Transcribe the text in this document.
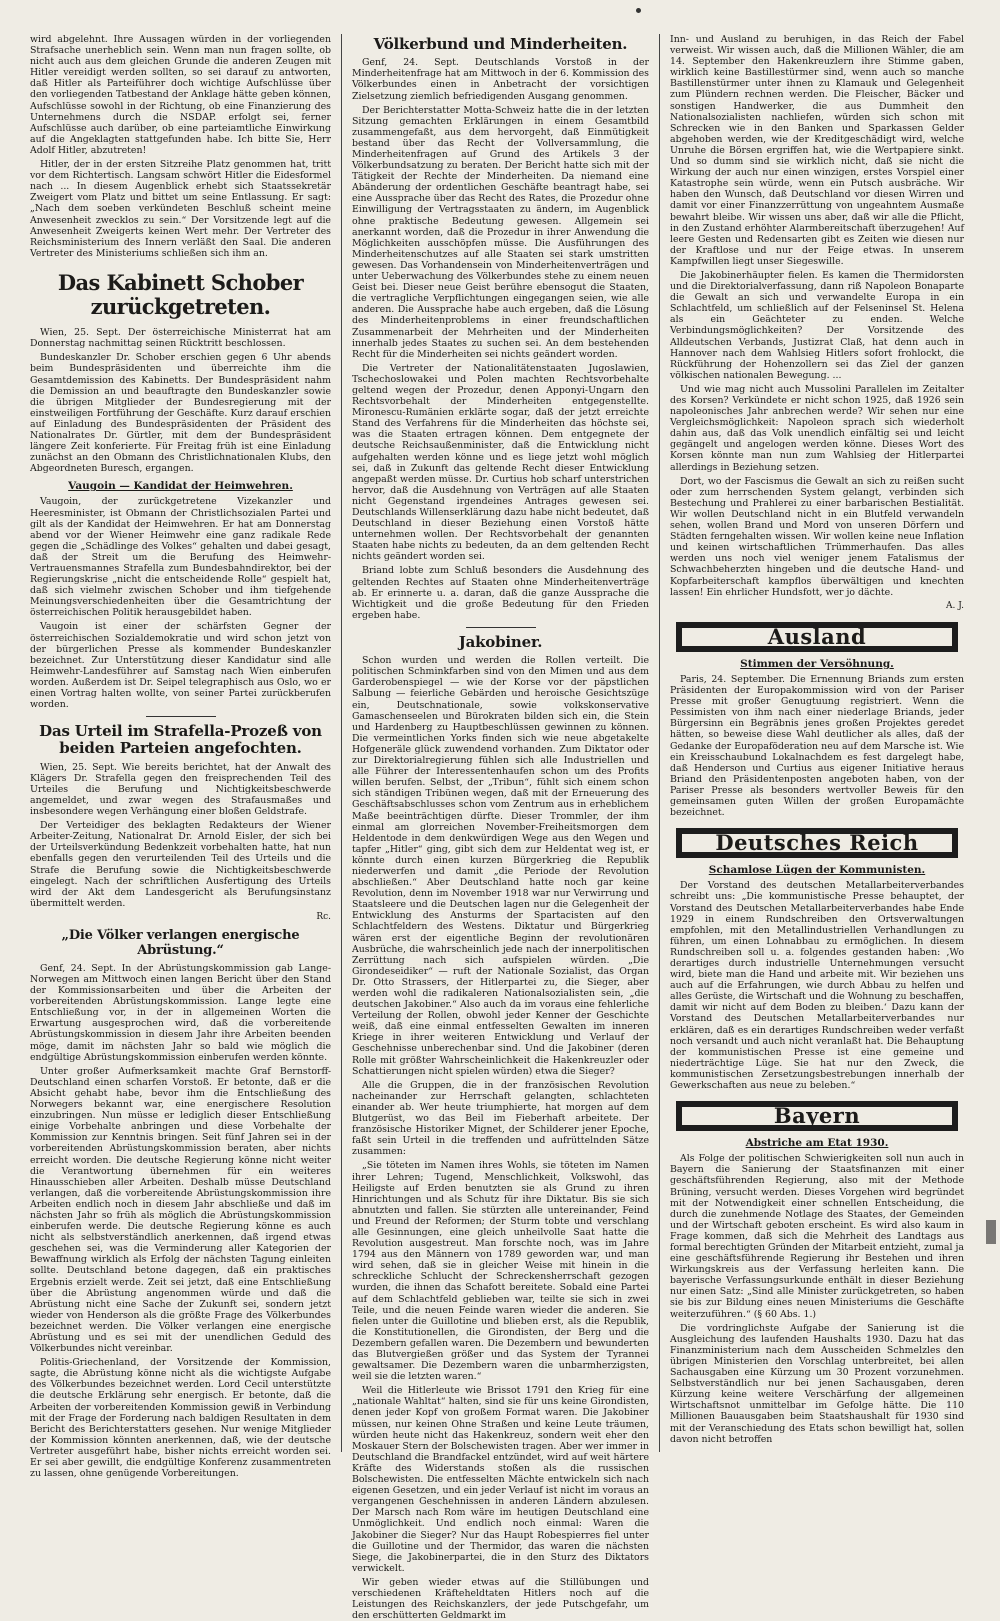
wird abgelehnt. Ihre Aussagen würden in der vorliegenden Strafsache unerheblich sein. Wenn man nun fragen sollte, ob nicht auch aus dem gleichen Grunde die anderen Zeugen mit Hitler vereidigt werden sollten, so sei darauf zu antworten, daß Hitler als Parteiführer doch wichtige Aufschlüsse über den vorliegenden Tatbestand der Anklage hätte geben können, Aufschlüsse sowohl in der Richtung, ob eine Finanzierung des Unternehmens durch die NSDAP. erfolgt sei, ferner Aufschlüsse auch darüber, ob eine parteiamtliche Einwirkung auf die Angeklagten stattgefunden habe. Ich bitte Sie, Herr Adolf Hitler, abzutreten!

Hitler, der in der ersten Sitzreihe Platz genommen hat, tritt vor dem Richtertisch. Langsam schwört Hitler die Eidesformel nach ... In diesem Augenblick erhebt sich Staatssekretär Zweigert vom Platz und bittet um seine Entlassung. Er sagt: „Nach dem soeben verkündeten Beschluß scheint meine Anwesenheit zwecklos zu sein.“ Der Vorsitzende legt auf die Anwesenheit Zweigerts keinen Wert mehr. Der Vertreter des Reichsministerium des Innern verläßt den Saal. Die anderen Vertreter des Ministeriums schließen sich ihm an.

Das Kabinett Schober zurückgetreten.

Wien, 25. Sept. Der österreichische Ministerrat hat am Donnerstag nachmittag seinen Rücktritt beschlossen.

Bundeskanzler Dr. Schober erschien gegen 6 Uhr abends beim Bundespräsidenten und überreichte ihm die Gesamtdemission des Kabinetts. Der Bundespräsident nahm die Demission an und beauftragte den Bundeskanzler sowie die übrigen Mitglieder der Bundesregierung mit der einstweiligen Fortführung der Geschäfte. Kurz darauf erschien auf Einladung des Bundespräsidenten der Präsident des Nationalrates Dr. Gürtler, mit dem der Bundespräsident längere Zeit konferierte. Für Freitag früh ist eine Einladung zunächst an den Obmann des Christlichnationalen Klubs, den Abgeordneten Buresch, ergangen.

Vaugoin — Kandidat der Heimwehren.

Vaugoin, der zurückgetretene Vizekanzler und Heeresminister, ist Obmann der Christlichsozialen Partei und gilt als der Kandidat der Heimwehren. Er hat am Donnerstag abend vor der Wiener Heimwehr eine ganz radikale Rede gegen die „Schädlinge des Volkes“ gehalten und dabei gesagt, daß der Streit um die Berufung des Heimwehr-Vertrauensmannes Strafella zum Bundesbahndirektor, bei der Regierungskrise „nicht die entscheidende Rolle“ gespielt hat, daß sich vielmehr zwischen Schober und ihm tiefgehende Meinungsverschiedenheiten über die Gesamtrichtung der österreichischen Politik herausgebildet haben.

Vaugoin ist einer der schärfsten Gegner der österreichischen Sozialdemokratie und wird schon jetzt von der bürgerlichen Presse als kommender Bundeskanzler bezeichnet. Zur Unterstützung dieser Kandidatur sind alle Heimwehr-Landesführer auf Samstag nach Wien einberufen worden. Außerdem ist Dr. Seipel telegraphisch aus Oslo, wo er einen Vortrag halten wollte, von seiner Partei zurückberufen worden.

Das Urteil im Strafella-Prozeß von beiden Parteien angefochten.

Wien, 25. Sept. Wie bereits berichtet, hat der Anwalt des Klägers Dr. Strafella gegen den freisprechenden Teil des Urteiles die Berufung und Nichtigkeitsbeschwerde angemeldet, und zwar wegen des Strafausmaßes und insbesondere wegen Verhängung einer bloßen Geldstrafe.

Der Verteidiger des beklagten Redakteurs der Wiener Arbeiter-Zeitung, Nationalrat Dr. Arnold Eisler, der sich bei der Urteilsverkündung Bedenkzeit vorbehalten hatte, hat nun ebenfalls gegen den verurteilenden Teil des Urteils und die Strafe die Berufung sowie die Nichtigkeitsbeschwerde eingelegt. Nach der schriftlichen Ausfertigung des Urteils wird der Akt dem Landesgericht als Berufungsinstanz übermittelt werden.

Rc.
„Die Völker verlangen energische Abrüstung.“

Genf, 24. Sept. In der Abrüstungskommission gab Lange-Norwegen am Mittwoch einen langen Bericht über den Stand der Kommissionsarbeiten und über die Arbeiten der vorbereitenden Abrüstungskommission. Lange legte eine Entschließung vor, in der in allgemeinen Worten die Erwartung ausgesprochen wird, daß die vorbereitende Abrüstungskommission in diesem Jahr ihre Arbeiten beenden möge, damit im nächsten Jahr so bald wie möglich die endgültige Abrüstungskommission einberufen werden könnte.

Unter großer Aufmerksamkeit machte Graf Bernstorff-Deutschland einen scharfen Vorstoß. Er betonte, daß er die Absicht gehabt habe, bevor ihm die Entschließung des Norwegers bekannt war, eine energischere Resolution einzubringen. Nun müsse er lediglich dieser Entschließung einige Vorbehalte anbringen und diese Vorbehalte der Kommission zur Kenntnis bringen. Seit fünf Jahren sei in der vorbereitenden Abrüstungskommission beraten, aber nichts erreicht worden. Die deutsche Regierung könne nicht weiter die Verantwortung übernehmen für ein weiteres Hinausschieben aller Arbeiten. Deshalb müsse Deutschland verlangen, daß die vorbereitende Abrüstungskommission ihre Arbeiten endlich noch in diesem Jahr abschließe und daß im nächsten Jahr so früh als möglich die Abrüstungskommission einberufen werde. Die deutsche Regierung könne es auch nicht als selbstverständlich anerkennen, daß irgend etwas geschehen sei, was die Verminderung aller Kategorien der Bewaffnung wirklich als Erfolg der nächsten Tagung einleiten sollte. Deutschland betone dagegen, daß ein praktisches Ergebnis erzielt werde. Zeit sei jetzt, daß eine Entschließung über die Abrüstung angenommen würde und daß die Abrüstung nicht eine Sache der Zukunft sei, sondern jetzt wieder von Henderson als die größte Frage des Völkerbundes bezeichnet werden. Die Völker verlangen eine energische Abrüstung und es sei mit der unendlichen Geduld des Völkerbundes nicht vereinbar.

Politis-Griechenland, der Vorsitzende der Kommission, sagte, die Abrüstung könne nicht als die wichtigste Aufgabe des Völkerbundes bezeichnet werden. Lord Cecil unterstützte die deutsche Erklärung sehr energisch. Er betonte, daß die Arbeiten der vorbereitenden Kommission gewiß in Verbindung mit der Frage der Forderung nach baldigen Resultaten in dem Bericht des Berichterstatters gesehen. Nur wenige Mitglieder der Kommission könnten anerkennen, daß, wie der deutsche Vertreter ausgeführt habe, bisher nichts erreicht worden sei. Er sei aber gewillt, die endgültige Konferenz zusammentreten zu lassen, ohne genügende Vorbereitungen.

Völkerbund und Minderheiten.

Genf, 24. Sept. Deutschlands Vorstoß in der Minderheitenfrage hat am Mittwoch in der 6. Kommission des Völkerbundes einen in Anbetracht der vorsichtigen Zielsetzung ziemlich befriedigenden Ausgang genommen.

Der Berichterstatter Motta-Schweiz hatte die in der letzten Sitzung gemachten Erklärungen in einem Gesamtbild zusammengefaßt, aus dem hervorgeht, daß Einmütigkeit bestand über das Recht der Vollversammlung, die Minderheitenfragen auf Grund des Artikels 3 der Völkerbundsatzung zu beraten. Der Bericht hatte sich mit der Tätigkeit der Rechte der Minderheiten. Da niemand eine Abänderung der ordentlichen Geschäfte beantragt habe, sei eine Aussprache über das Recht des Rates, die Prozedur ohne Einwilligung der Vertragsstaaten zu ändern, im Augenblick ohne praktische Bedeutung gewesen. Allgemein sei anerkannt worden, daß die Prozedur in ihrer Anwendung die Möglichkeiten ausschöpfen müsse. Die Ausführungen des Minderheitenschutzes auf alle Staaten sei stark umstritten gewesen. Das Vorhandensein von Minderheitenverträgen und unter Ueberwachung des Völkerbundes stehe zu einem neuen Geist bei. Dieser neue Geist berühre ebensogut die Staaten, die vertragliche Verpflichtungen eingegangen seien, wie alle anderen. Die Aussprache habe auch ergeben, daß die Lösung des Minderheitenproblems in einer freundschaftlichen Zusammenarbeit der Mehrheiten und der Minderheiten innerhalb jedes Staates zu suchen sei. An dem bestehenden Recht für die Minderheiten sei nichts geändert worden.

Die Vertreter der Nationalitätenstaaten Jugoslawien, Tschechoslowakei und Polen machten Rechtsvorbehalte geltend wegen der Prozedur, denen Apponyi-Ungarn den Rechtsvorbehalt der Minderheiten entgegenstellte. Mironescu-Rumänien erklärte sogar, daß der jetzt erreichte Stand des Verfahrens für die Minderheiten das höchste sei, was die Staaten ertragen können. Dem entgegnete der deutsche Reichsaußenminister, daß die Entwicklung nicht aufgehalten werden könne und es liege jetzt wohl möglich sei, daß in Zukunft das geltende Recht dieser Entwicklung angepaßt werden müsse. Dr. Curtius hob scharf unterstrichen hervor, daß die Ausdehnung von Verträgen auf alle Staaten nicht Gegenstand irgendeines Antrages gewesen sei. Deutschlands Willenserklärung dazu habe nicht bedeutet, daß Deutschland in dieser Beziehung einen Vorstoß hätte unternehmen wollen. Der Rechtsvorbehalt der genannten Staaten habe nichts zu bedeuten, da an dem geltenden Recht nichts geändert worden sei.

Briand lobte zum Schluß besonders die Ausdehnung des geltenden Rechtes auf Staaten ohne Minderheitenverträge ab. Er erinnerte u. a. daran, daß die ganze Aussprache die Wichtigkeit und die große Bedeutung für den Frieden ergeben habe.

Jakobiner.

Schon wurden und werden die Rollen verteilt. Die politischen Schminkfarben sind von den Mimen und aus dem Garderobenspiegel — wie der Korse vor der päpstlichen Salbung — feierliche Gebärden und heroische Gesichtszüge ein, Deutschnationale, sowie volkskonservative Gamaschenseelen und Bürokraten bilden sich ein, die Stein und Hardenberg zu Hauptbeschlüssen gewinnen zu können. Die vermeintlichen Yorks finden sich wie neue abgetakelte Hofgeneräle glück zuwendend vorhanden. Zum Diktator oder zur Direktorialregierung fühlen sich alle Industriellen und alle Führer der Interessentenhaufen schon um des Profits willen berufen. Selbst, der „Tribun“, fühlt sich einem schon sich ständigen Tribünen wegen, daß mit der Erneuerung des Geschäftsabschlusses schon vom Zentrum aus in erheblichem Maße beeinträchtigen dürfte. Dieser Trommler, der ihm einmal am glorreichen November-Freiheitsmorgen dem Heldentode in dem denkwürdigen Wege aus den Wegen und tapfer „Hitler“ ging, gibt sich dem zur Heldentat weg ist, er könnte durch einen kurzen Bürgerkrieg die Republik niederwerfen und damit „die Periode der Revolution abschließen.“ Aber Deutschland hatte noch gar keine Revolution, denn im November 1918 war nur Verwirrung und Staatsleere und die Deutschen lagen nur die Gelegenheit der Entwicklung des Ansturms der Spartacisten auf den Schlachtfeldern des Westens. Diktatur und Bürgerkrieg wären erst der eigentliche Beginn der revolutionären Ausbrüche, die wahrscheinlich jede nach der innerpolitischen Zerrüttung nach sich aufspielen würden. „Die Girondeseidiker“ — ruft der Nationale Sozialist, das Organ Dr. Otto Strassers, der Hitlerpartei zu, die Sieger, aber werden wohl die radikaleren Nationalsozialisten sein, „die deutschen Jakobiner.“ Also auch da im voraus eine fehlerliche Verteilung der Rollen, obwohl jeder Kenner der Geschichte weiß, daß eine einmal entfesselten Gewalten im inneren Kriege in ihrer weiteren Entwicklung und Verlauf der Geschehnisse unberechenbar sind. Und die Jakobiner (deren Rolle mit größter Wahrscheinlichkeit die Hakenkreuzler oder Schattierungen nicht spielen würden) etwa die Sieger?

Alle die Gruppen, die in der französischen Revolution nacheinander zur Herrschaft gelangten, schlachteten einander ab. Wer heute triumphierte, hat morgen auf dem Blutgerüst, wo das Beil im Fieberhaft arbeitete. Der französische Historiker Mignet, der Schilderer jener Epoche, faßt sein Urteil in die treffenden und aufrüttelnden Sätze zusammen:

„Sie töteten im Namen ihres Wohls, sie töteten im Namen ihrer Lehren; Tugend, Menschlichkeit, Volkswohl, das Heiligste auf Erden benutzten sie als Grund zu ihren Hinrichtungen und als Schutz für ihre Diktatur. Bis sie sich abnutzten und fallen. Sie stürzten alle untereinander, Feind und Freund der Reformen; der Sturm tobte und verschlang alle Gesinnungen, eine gleich unheilvolle Saat hatte die Revolution ausgestreut. Man forschte noch, was im Jahre 1794 aus den Männern von 1789 geworden war, und man wird sehen, daß sie in gleicher Weise mit hinein in die schreckliche Schlucht der Schreckensherrschaft gezogen wurden, die ihnen das Schafott bereitete. Sobald eine Partei auf dem Schlachtfeld geblieben war, teilte sie sich in zwei Teile, und die neuen Feinde waren wieder die anderen. Sie fielen unter die Guillotine und blieben erst, als die Republik, die Konstitutionellen, die Girondisten, der Berg und die Dezembern gefallen waren. Die Dezembern und bewunderten das Blutvergießen größer und das System der Tyrannei gewaltsamer. Die Dezembern waren die unbarmherzigsten, weil sie die letzten waren.“

Weil die Hitlerleute wie Brissot 1791 den Krieg für eine „nationale Wahltat“ halten, sind sie für uns keine Girondisten, denen jeder Kopf von großem Format waren. Die Jakobiner müssen, nur keinen Ohne Straßen und keine Leute träumen, würden heute nicht das Hakenkreuz, sondern weit eher den Moskauer Stern der Bolschewisten tragen. Aber wer immer in Deutschland die Brandfackel entzündet, wird auf weit härtere Kräfte des Widerstands stoßen als die russischen Bolschewisten. Die entfesselten Mächte entwickeln sich nach eigenen Gesetzen, und ein jeder Verlauf ist nicht im voraus an vergangenen Geschehnissen in anderen Ländern abzulesen. Der Marsch nach Rom wäre im heutigen Deutschland eine Unmöglichkeit. Und endlich noch einmal: Waren die Jakobiner die Sieger? Nur das Haupt Robespierres fiel unter die Guillotine und der Thermidor, das waren die nächsten Siege, die Jakobinerpartei, die in den Sturz des Diktators verwickelt.

Wir geben wieder etwas auf die Stillübungen und verschiedenen Kräfteheldtaten Hitlers noch auf die Leistungen des Reichskanzlers, der jede Putschgefahr, um den erschütterten Geldmarkt im

Inn- und Ausland zu beruhigen, in das Reich der Fabel verweist. Wir wissen auch, daß die Millionen Wähler, die am 14. September den Hakenkreuzlern ihre Stimme gaben, wirklich keine Bastillestürmer sind, wenn auch so manche Bastillenstürmer unter ihnen zu Klamauk und Gelegenheit zum Plündern rechnen werden. Die Fleischer, Bäcker und sonstigen Handwerker, die aus Dummheit den Nationalsozialisten nachliefen, würden sich schon mit Schrecken wie in den Banken und Sparkassen Gelder abgehoben werden, wie der Kreditgeschädigt wird, welche Unruhe die Börsen ergriffen hat, wie die Wertpapiere sinkt. Und so dumm sind sie wirklich nicht, daß sie nicht die Wirkung der auch nur einen winzigen, erstes Vorspiel einer Katastrophe sein würde, wenn ein Putsch ausbräche. Wir haben den Wunsch, daß Deutschland vor diesen Wirren und damit vor einer Finanzzerrüttung von ungeahntem Ausmaße bewahrt bleibe. Wir wissen uns aber, daß wir alle die Pflicht, in den Zustand erhöhter Alarmbereitschaft überzugehen! Auf leere Gesten und Redensarten gibt es Zeiten wie diesen nur der Kraftlose und nur der Feige etwas. In unserem Kampfwillen liegt unser Siegeswille.

Die Jakobinerhäupter fielen. Es kamen die Thermidorsten und die Direktorialverfassung, dann riß Napoleon Bonaparte die Gewalt an sich und verwandelte Europa in ein Schlachtfeld, um schließlich auf der Felseninsel St. Helena als ein Geächteter zu enden. Welche Verbindungsmöglichkeiten? Der Vorsitzende des Alldeutschen Verbands, Justizrat Claß, hat denn auch in Hannover nach dem Wahlsieg Hitlers sofort frohlockt, die Rückführung der Hohenzollern sei das Ziel der ganzen völkischen nationalen Bewegung. ...

Und wie mag nicht auch Mussolini Parallelen im Zeitalter des Korsen? Verkündete er nicht schon 1925, daß 1926 sein napoleonisches Jahr anbrechen werde? Wir sehen nur eine Vergleichsmöglichkeit: Napoleon sprach sich wiederholt dahin aus, daß das Volk unendlich einfältig sei und leicht gegängelt und angelogen werden könne. Dieses Wort des Korsen könnte man nun zum Wahlsieg der Hitlerpartei allerdings in Beziehung setzen.

Dort, wo der Fascismus die Gewalt an sich zu reißen sucht oder zum herrschenden System gelangt, verbinden sich Bestechung und Prahlerei zu einer barbarischen Bestialität. Wir wollen Deutschland nicht in ein Blutfeld verwandeln sehen, wollen Brand und Mord von unseren Dörfern und Städten ferngehalten wissen. Wir wollen keine neue Inflation und keinen wirtschaftlichen Trümmerhaufen. Das alles werden uns noch viel weniger jenem Fatalismus der Schwachbeherzten hingeben und die deutsche Hand- und Kopfarbeiterschaft kampflos überwältigen und knechten lassen! Ein ehrlicher Hundsfott, wer jo dächte.

A. J.
Ausland
Stimmen der Versöhnung.

Paris, 24. September. Die Ernennung Briands zum ersten Präsidenten der Europakommission wird von der Pariser Presse mit großer Genugtuung registriert. Wenn die Pessimisten von ihm nach einer niederlage Briands, jeder Bürgersinn ein Begräbnis jenes großen Projektes geredet hätten, so beweise diese Wahl deutlicher als alles, daß der Gedanke der Europaföderation neu auf dem Marsche ist. Wie ein Kreisschaubund Lokalnachdem es fest dargelegt habe, daß Henderson und Curtius aus eigener Initiative heraus Briand den Präsidentenposten angeboten haben, von der Pariser Presse als besonders wertvoller Beweis für den gemeinsamen guten Willen der großen Europamächte bezeichnet.

Deutsches Reich
Schamlose Lügen der Kommunisten.

Der Vorstand des deutschen Metallarbeiterverbandes schreibt uns: „Die kommunistische Presse behauptet, der Vorstand des Deutschen Metallarbeiterverbandes habe Ende 1929 in einem Rundschreiben den Ortsverwaltungen empfohlen, mit den Metallindustriellen Verhandlungen zu führen, um einen Lohnabbau zu ermöglichen. In diesem Rundschreiben soll u. a. folgendes gestanden haben: ‚Wo derartiges durch industrielle Unternehmungen versucht wird, biete man die Hand und arbeite mit. Wir beziehen uns auch auf die Erfahrungen, wie durch Abbau zu helfen und alles Gerüste, die Wirtschaft und die Wohnung zu beschaffen, damit wir nicht auf dem Boden zu bleiben.‘ Dazu kann der Vorstand des Deutschen Metallarbeiterverbandes nur erklären, daß es ein derartiges Rundschreiben weder verfaßt noch versandt und auch nicht veranlaßt hat. Die Behauptung der kommunistischen Presse ist eine gemeine und niederträchtige Lüge. Sie hat nur den Zweck, die kommunistischen Zersetzungsbestrebungen innerhalb der Gewerkschaften aus neue zu beleben.“

Bayern
Abstriche am Etat 1930.

Als Folge der politischen Schwierigkeiten soll nun auch in Bayern die Sanierung der Staatsfinanzen mit einer geschäftsführenden Regierung, also mit der Methode Brüning, versucht werden. Dieses Vorgehen wird begründet mit der Notwendigkeit einer schnellen Entscheidung, die durch die zunehmende Notlage des Staates, der Gemeinden und der Wirtschaft geboten erscheint. Es wird also kaum in Frage kommen, daß sich die Mehrheit des Landtags aus formal berechtigten Gründen der Mitarbeit entzieht, zumal ja eine geschäftsführende Regierung ihr Bestehen und ihren Wirkungskreis aus der Verfassung herleiten kann. Die bayerische Verfassungsurkunde enthält in dieser Beziehung nur einen Satz: „Sind alle Minister zurückgetreten, so haben sie bis zur Bildung eines neuen Ministeriums die Geschäfte weiterzuführen.“ (§ 60 Abs. 1.)

Die vordringlichste Aufgabe der Sanierung ist die Ausgleichung des laufenden Haushalts 1930. Dazu hat das Finanzministerium nach dem Ausscheiden Schmelzles den übrigen Ministerien den Vorschlag unterbreitet, bei allen Sachausgaben eine Kürzung um 30 Prozent vorzunehmen. Selbstverständlich nur bei jenen Sachausgaben, deren Kürzung keine weitere Verschärfung der allgemeinen Wirtschaftsnot unmittelbar im Gefolge hätte. Die 110 Millionen Bauausgaben beim Staatshaushalt für 1930 sind mit der Veranschiedung des Etats schon bewilligt hat, sollen davon nicht betroffen
